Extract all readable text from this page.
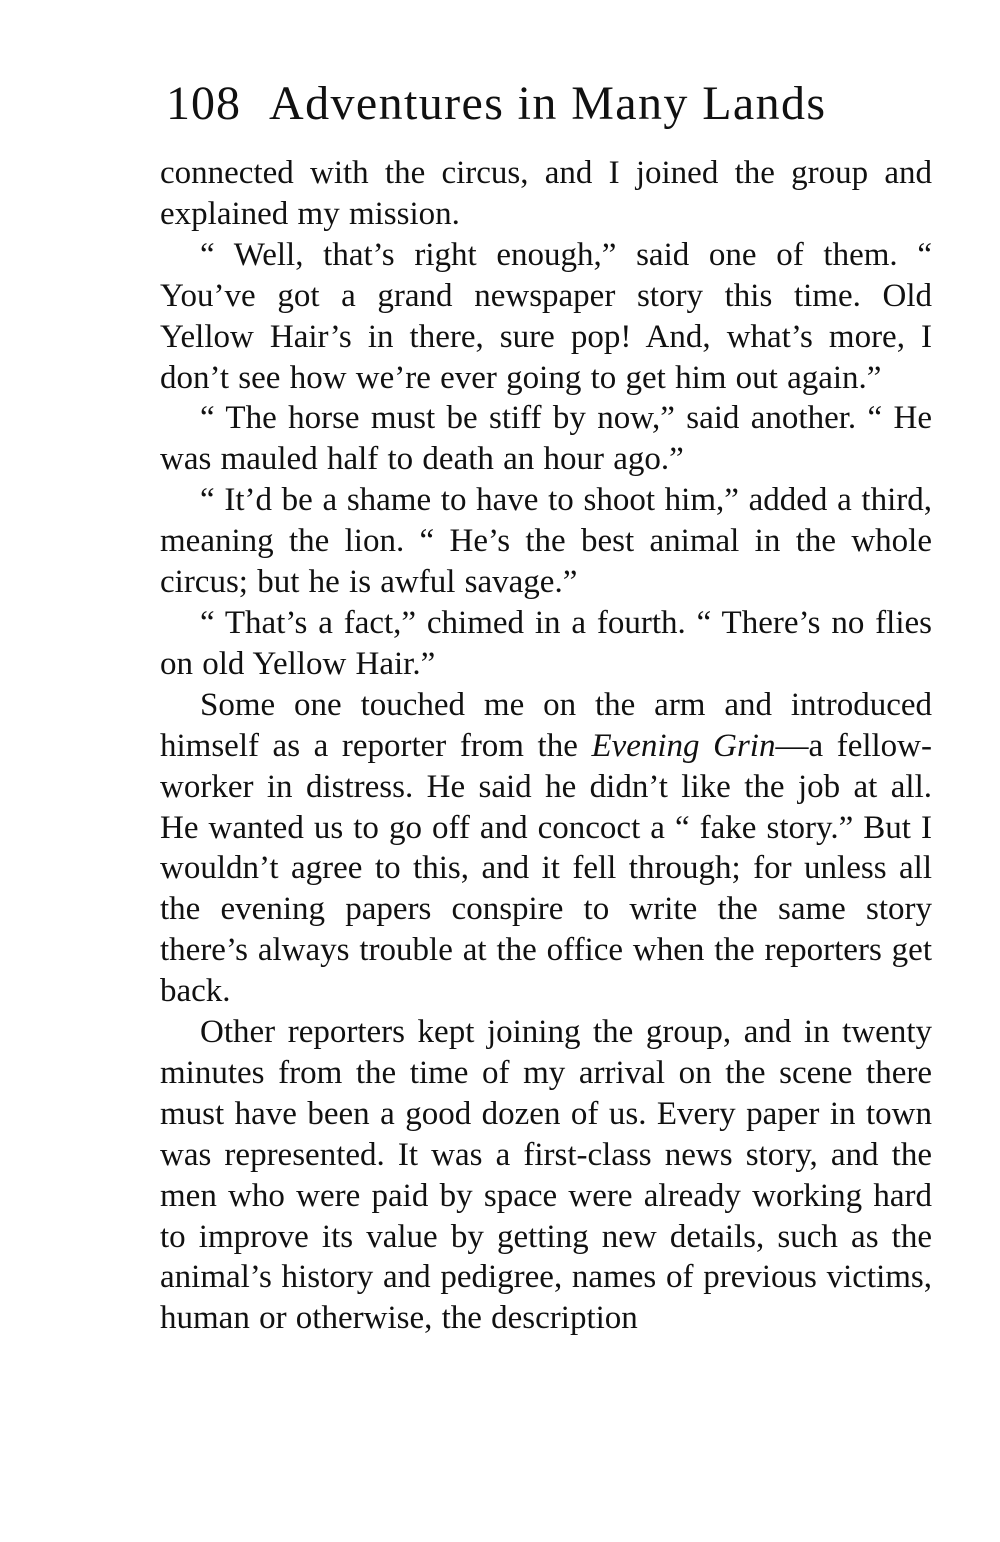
108 Adventures in Many Lands

connected with the circus, and I joined the group and explained my mission.

“ Well, that’s right enough,” said one of them. “ You’ve got a grand newspaper story this time. Old Yellow Hair’s in there, sure pop! And, what’s more, I don’t see how we’re ever going to get him out again.”

“ The horse must be stiff by now,” said another. “ He was mauled half to death an hour ago.”

“ It’d be a shame to have to shoot him,” added a third, meaning the lion. “ He’s the best animal in the whole circus; but he is awful savage.”

“ That’s a fact,” chimed in a fourth. “ There’s no flies on old Yellow Hair.”

Some one touched me on the arm and introduced himself as a reporter from the Evening Grin—a fellow-worker in distress. He said he didn’t like the job at all. He wanted us to go off and concoct a “ fake story.” But I wouldn’t agree to this, and it fell through; for unless all the evening papers conspire to write the same story there’s always trouble at the office when the reporters get back.

Other reporters kept joining the group, and in twenty minutes from the time of my arrival on the scene there must have been a good dozen of us. Every paper in town was represented. It was a first-class news story, and the men who were paid by space were already working hard to improve its value by getting new details, such as the animal’s history and pedigree, names of previous victims, human or otherwise, the description
